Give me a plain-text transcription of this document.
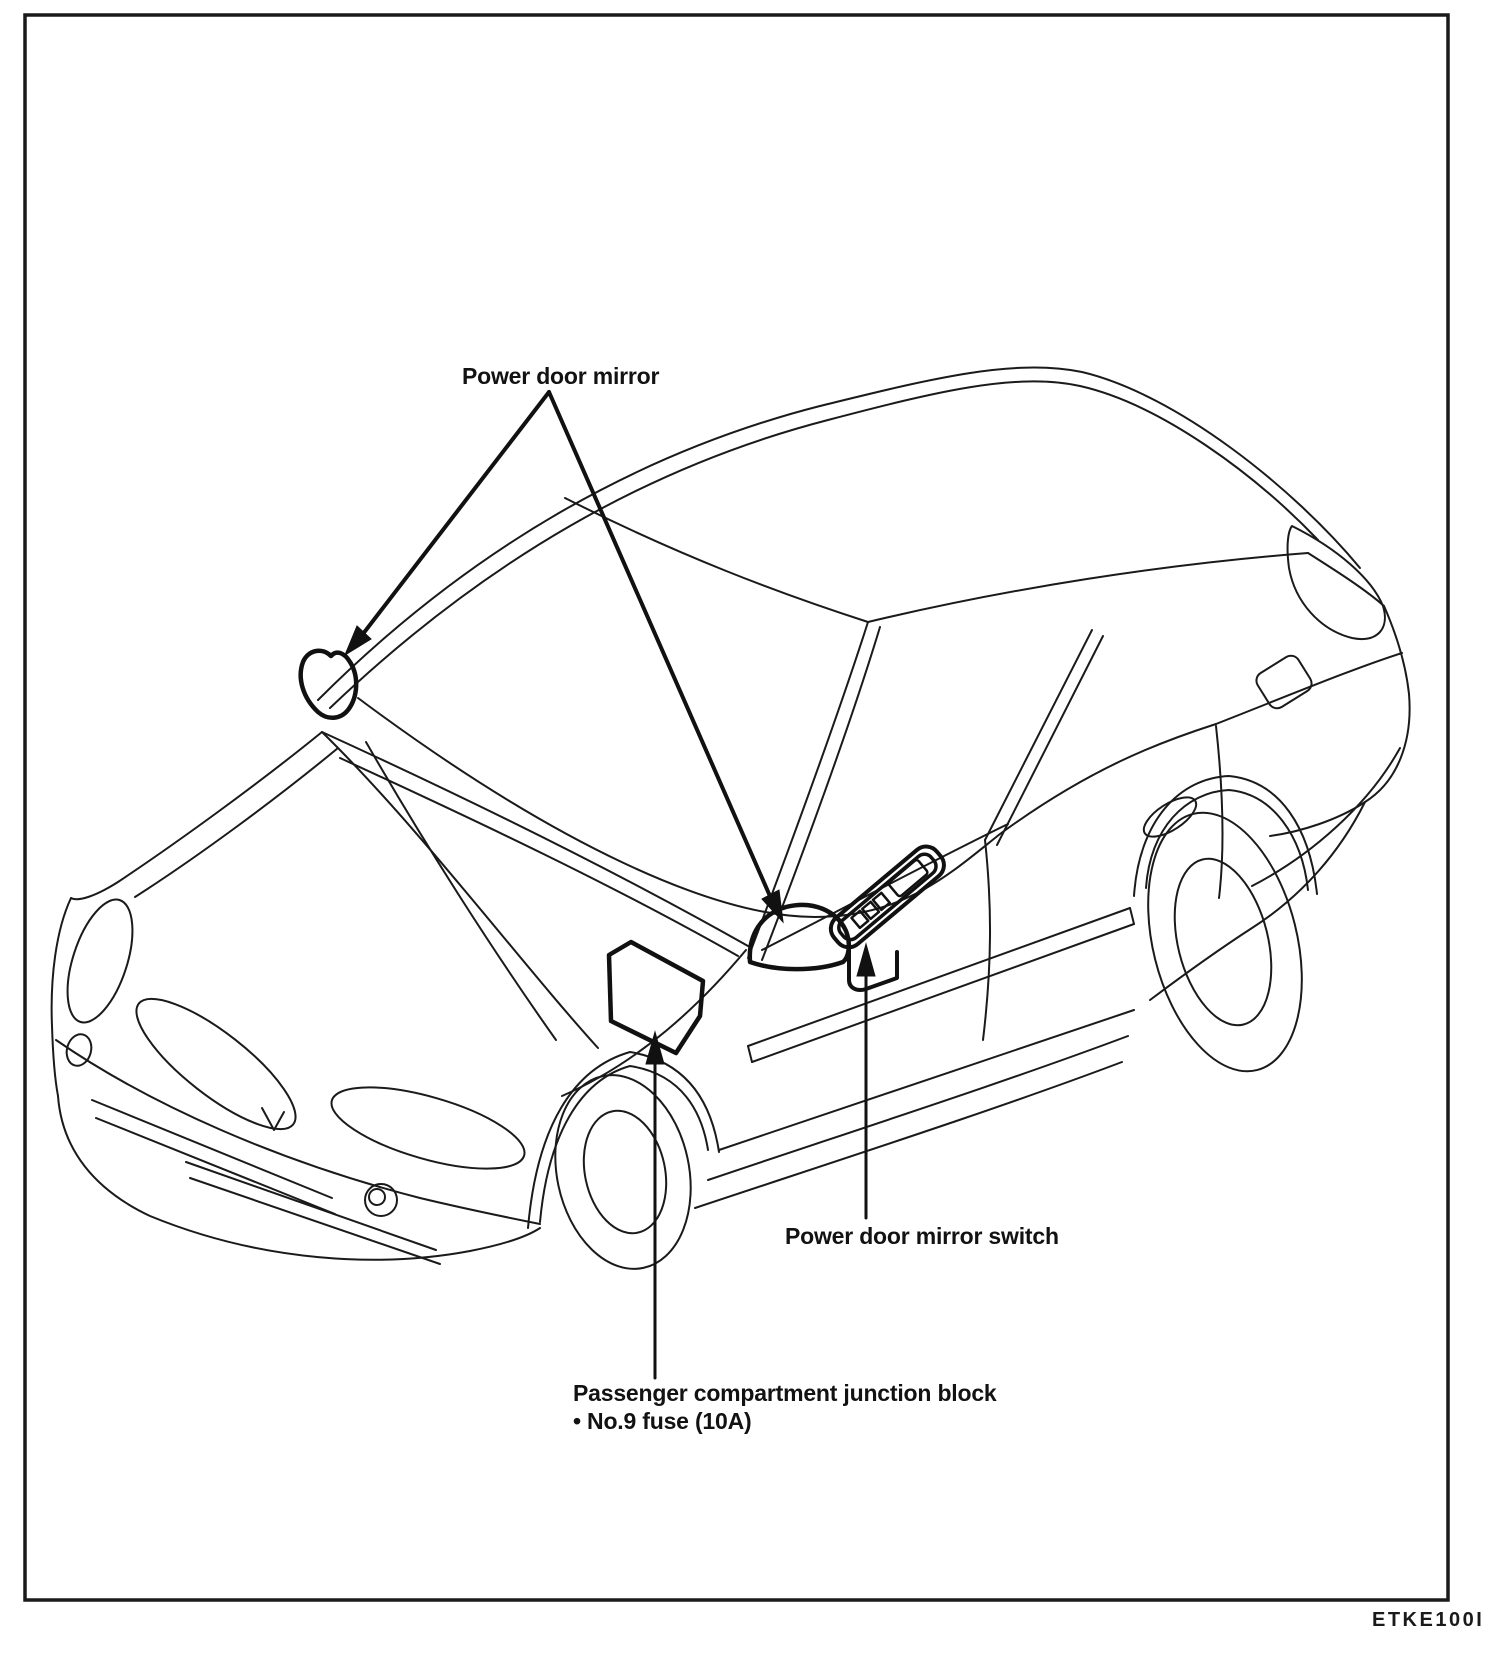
Power door mirror
Power door mirror switch
Passenger compartment junction block
• No.9 fuse (10A)
ETKE100I
